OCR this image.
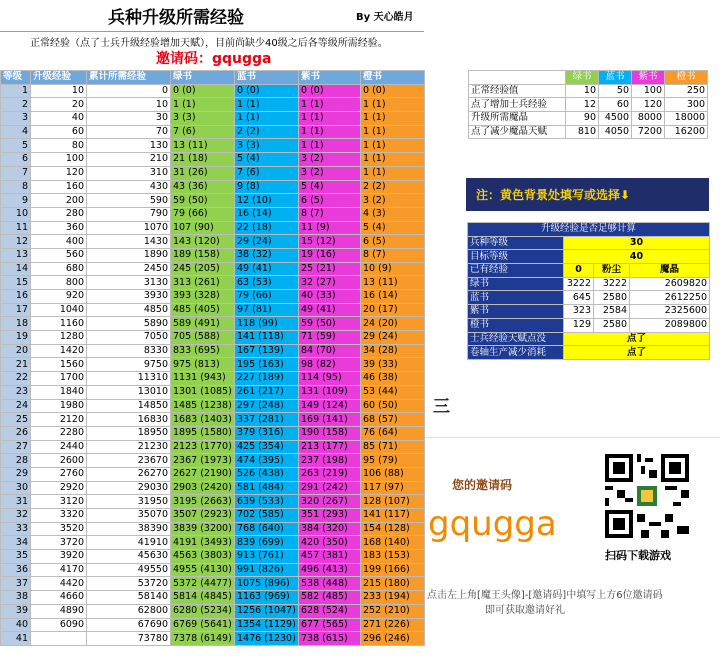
兵种升级所需经验	By 天心皓月
正常经验（点了士兵升级经验增加天赋），目前尚缺少40级之后各等级所需经验。
邀请码：gqugga
等级	升级经验	累计所需经验	绿书	蓝书	紫书	橙书
1	10	0	0 (0)	0 (0)	0 (0)	0 (0)
2	20	10	1 (1)	1 (1)	1 (1)	1 (1)
3	40	30	3 (3)	1 (1)	1 (1)	1 (1)
4	60	70	7 (6)	2 (2)	1 (1)	1 (1)
5	80	130	13 (11)	3 (3)	1 (1)	1 (1)
6	100	210	21 (18)	5 (4)	3 (2)	1 (1)
7	120	310	31 (26)	7 (6)	3 (2)	1 (1)
8	160	430	43 (36)	9 (8)	5 (4)	2 (2)
9	200	590	59 (50)	12 (10)	6 (5)	3 (2)
10	280	790	79 (66)	16 (14)	8 (7)	4 (3)
11	360	1070	107 (90)	22 (18)	11 (9)	5 (4)
12	400	1430	143 (120)	29 (24)	15 (12)	6 (5)
13	560	1890	189 (158)	38 (32)	19 (16)	8 (7)
14	680	2450	245 (205)	49 (41)	25 (21)	10 (9)
15	800	3130	313 (261)	63 (53)	32 (27)	13 (11)
16	920	3930	393 (328)	79 (66)	40 (33)	16 (14)
17	1040	4850	485 (405)	97 (81)	49 (41)	20 (17)
18	1160	5890	589 (491)	118 (99)	59 (50)	24 (20)
19	1280	7050	705 (588)	141 (118)	71 (59)	29 (24)
20	1420	8330	833 (695)	167 (139)	84 (70)	34 (28)
21	1560	9750	975 (813)	195 (163)	98 (82)	39 (33)
22	1700	11310	1131 (943)	227 (189)	114 (95)	46 (38)
23	1840	13010	1301 (1085)	261 (217)	131 (109)	53 (44)
24	1980	14850	1485 (1238)	297 (248)	149 (124)	60 (50)
25	2120	16830	1683 (1403)	337 (281)	169 (141)	68 (57)
26	2280	18950	1895 (1580)	379 (316)	190 (158)	76 (64)
27	2440	21230	2123 (1770)	425 (354)	213 (177)	85 (71)
28	2600	23670	2367 (1973)	474 (395)	237 (198)	95 (79)
29	2760	26270	2627 (2190)	526 (438)	263 (219)	106 (88)
30	2920	29030	2903 (2420)	581 (484)	291 (242)	117 (97)
31	3120	31950	3195 (2663)	639 (533)	320 (267)	128 (107)
32	3320	35070	3507 (2923)	702 (585)	351 (293)	141 (117)
33	3520	38390	3839 (3200)	768 (640)	384 (320)	154 (128)
34	3720	41910	4191 (3493)	839 (699)	420 (350)	168 (140)
35	3920	45630	4563 (3803)	913 (761)	457 (381)	183 (153)
36	4170	49550	4955 (4130)	991 (826)	496 (413)	199 (166)
37	4420	53720	5372 (4477)	1075 (896)	538 (448)	215 (180)
38	4660	58140	5814 (4845)	1163 (969)	582 (485)	233 (194)
39	4890	62800	6280 (5234)	1256 (1047)	628 (524)	252 (210)
40	6090	67690	6769 (5641)	1354 (1129)	677 (565)	271 (226)
41		73780	7378 (6149)	1476 (1230)	738 (615)	296 (246)
	绿书	蓝书	紫书	橙书
正常经验值	10	50	100	250
点了增加士兵经验	12	60	120	300
升级所需魔晶	90	4500	8000	18000
点了减少魔晶天赋	810	4050	7200	16200
注：黄色背景处填写或选择⬇
升级经验是否足够计算			
兵种等级	30		
目标等级	40		
已有经验	0	粉尘	魔晶
绿书	3222	3222	2609820
蓝书	645	2580	2612250
紫书	323	2584	2325600
橙书	129	2580	2089800
士兵经验天赋点没	点了		
卷轴生产减少消耗	点了		
三
您的邀请码
gqugga
扫码下载游戏
点击左上角[魔王头像]-[邀请码]中填写上方6位邀请码
即可获取邀请好礼
